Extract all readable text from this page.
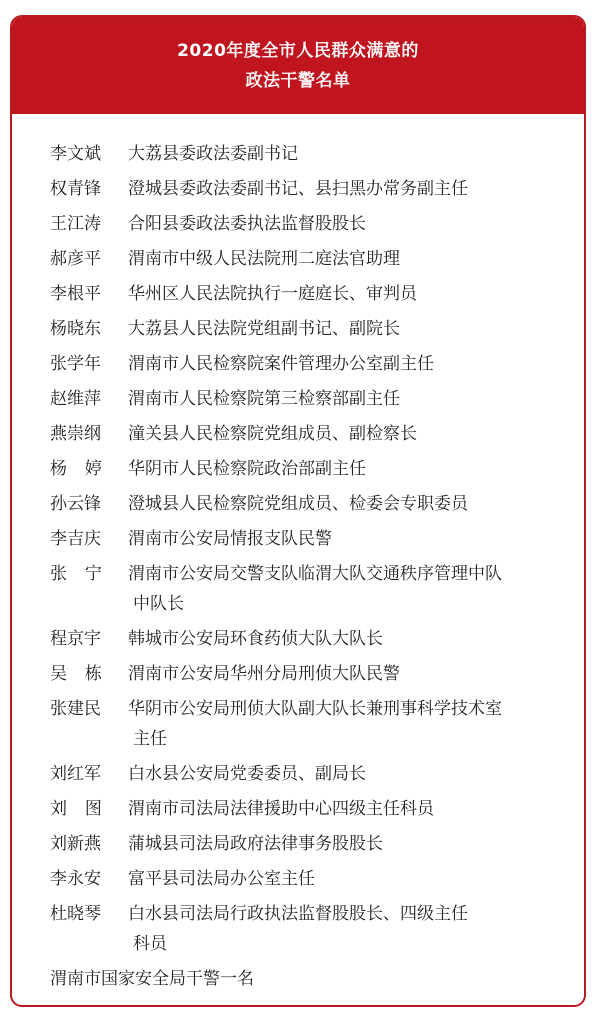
2020年度全市人民群众满意的
政法干警名单
李文斌	大荔县委政法委副书记
权青锋	澄城县委政法委副书记、县扫黑办常务副主任
王江涛	合阳县委政法委执法监督股股长
郝彦平	渭南市中级人民法院刑二庭法官助理
李根平	华州区人民法院执行一庭庭长、审判员
杨晓东	大荔县人民法院党组副书记、副院长
张学年	渭南市人民检察院案件管理办公室副主任
赵维萍	渭南市人民检察院第三检察部副主任
燕崇纲	潼关县人民检察院党组成员、副检察长
杨婷 华阴市人民检察院政治部副主任
孙云锋	澄城县人民检察院党组成员、检委会专职委员
李吉庆	渭南市公安局情报支队民警
张宁 渭南市公安局交警支队临渭大队交通秩序管理中队
中队长
程京宇	韩城市公安局环食药侦大队大队长
吴栋 渭南市公安局华州分局刑侦大队民警
张建民	华阴市公安局刑侦大队副大队长兼刑事科学技术室
主任
刘红军	白水县公安局党委委员、副局长
刘图 渭南市司法局法律援助中心四级主任科员
刘新燕	蒲城县司法局政府法律事务股股长
李永安	富平县司法局办公室主任
杜晓琴	白水县司法局行政执法监督股股长、四级主任
科员
渭南市国家安全局干警一名
